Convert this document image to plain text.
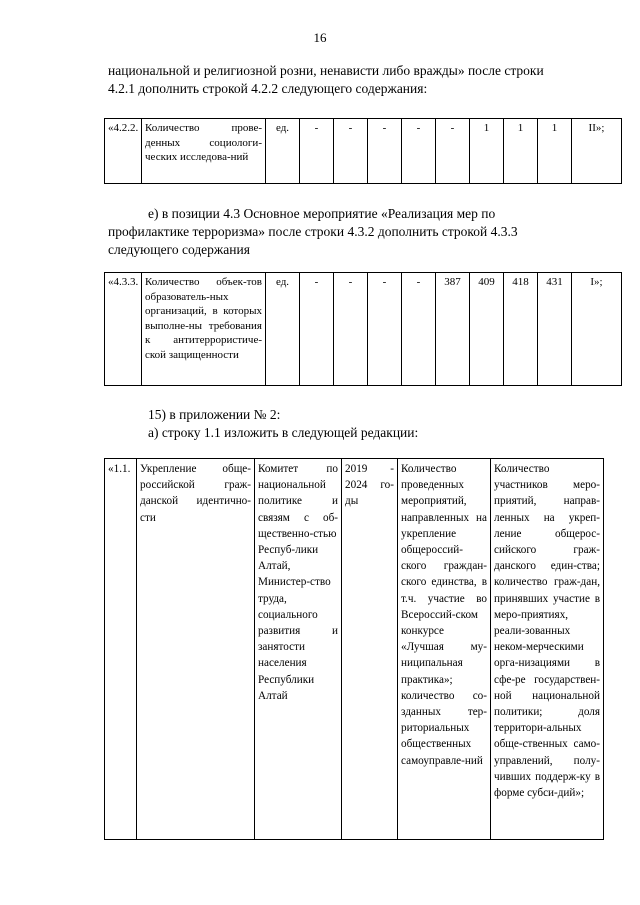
16
национальной и религиозной розни, ненависти либо вражды» после строки
4.2.1 дополнить строкой 4.2.2 следующего содержания:
«4.2.2.	Количество прове-денных социологи-ческих исследова-ний	ед.	-	-	-	-	-	1	1	1	II»;
е) в позиции 4.3 Основное мероприятие «Реализация мер по
профилактике терроризма» после строки 4.3.2 дополнить строкой 4.3.3
следующего содержания
«4.3.3.	Количество объек-тов образователь-ных организаций, в которых выполне-ны требования к антитеррористиче-ской защищенности	ед.	-	-	-	-	387	409	418	431	I»;
15) в приложении № 2:
а) строку 1.1 изложить в следующей редакции:
«1.1.	Укрепление обще-российской граж-данской идентично-сти	Комитет по национальной политике и связям с об-щественно-стью Респуб-лики Алтай, Министер-ство труда, социального развития и занятости населения Республики Алтай	2019 - 2024 го-ды	Количество проведенных мероприятий, направленных на укрепление общероссий-ского граждан-ского единства, в т.ч. участие во Всероссий-ском конкурсе «Лучшая му-ниципальная практика»; количество со-зданных тер-риториальных общественных самоуправле-ний	Количество участников меро-приятий, направ-ленных на укреп-ление общерос-сийского граж-данского един-ства; количество граж-дан, принявших участие в меро-приятиях, реали-зованных неком-мерческими орга-низациями в сфе-ре государствен-ной национальной политики; доля территори-альных обще-ственных само-управлений, полу-чивших поддерж-ку в форме субси-дий»;
